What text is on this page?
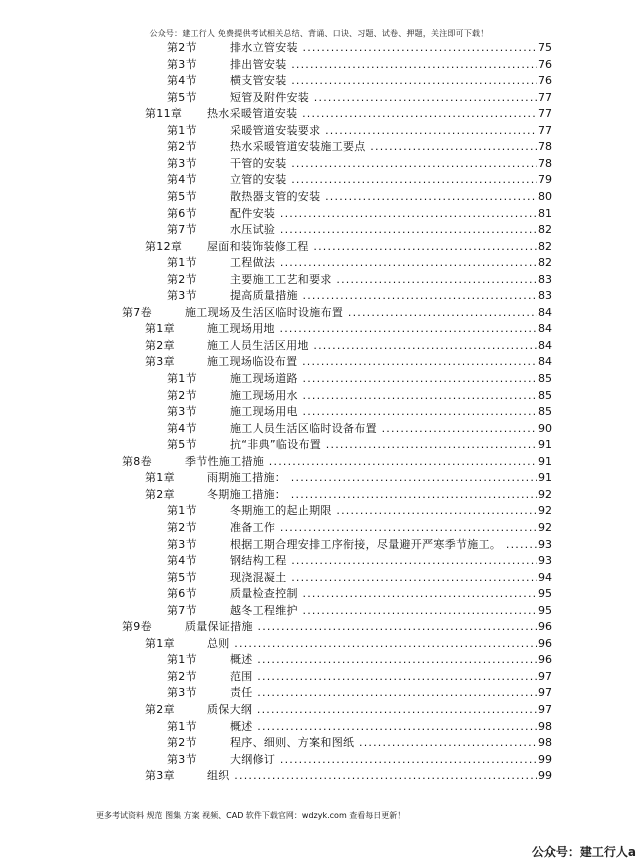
公众号：建工行人 免费提供考试相关总结、背诵、口诀、习题、试卷、押题，关注即可下载！
第2节	排水立管安装 .....	75
第3节	排出管安装 .....	76
第4节	横支管安装 .....	76
第5节	短管及附件安装 .....	77
第11章 热水采暖管道安装 .....	77
第1节	采暖管道安装要求 .....	77
第2节	热水采暖管道安装施工要点 .....	78
第3节	干管的安装 .....	78
第4节	立管的安装 .....	79
第5节	散热器支管的安装 .....	80
第6节	配件安装 .....	81
第7节	水压试验 .....	82
第12章 屋面和装饰装修工程 .....	82
第1节	工程做法 .....	82
第2节	主要施工工艺和要求 .....	83
第3节	提高质量措施 .....	83
第7卷	施工现场及生活区临时设施布置 .....	84
第1章	施工现场用地 .....	84
第2章	施工人员生活区用地 .....	84
第3章	施工现场临设布置 .....	84
第1节	施工现场道路 .....	85
第2节	施工现场用水 .....	85
第3节	施工现场用电 .....	85
第4节	施工人员生活区临时设备布置 .....	90
第5节	抗“非典”临设布置 .....	91
第8卷	季节性施工措施 .....	91
第1章	雨期施工措施： .....	91
第2章	冬期施工措施： .....	92
第1节	冬期施工的起止期限 .....	92
第2节	准备工作 .....	92
第3节	根据工期合理安排工序衔接，尽量避开严寒季节施工。 .....	93
第4节	钢结构工程 .....	93
第5节	现浇混凝土 .....	94
第6节	质量检查控制 .....	95
第7节	越冬工程维护 .....	95
第9卷	质量保证措施 .....	96
第1章	总则 .....	96
第1节	概述 .....	96
第2节	范围 .....	97
第3节	责任 .....	97
第2章	质保大纲 .....	97
第1节	概述 .....	98
第2节	程序、细则、方案和图纸 .....	98
第3节	大纲修订 .....	99
第3章	组织 .....	99
更多考试资料 规范 图集 方案 视频、CAD 软件下载官网：wdzyk.com 查看每日更新！
公众号：建工行人a
